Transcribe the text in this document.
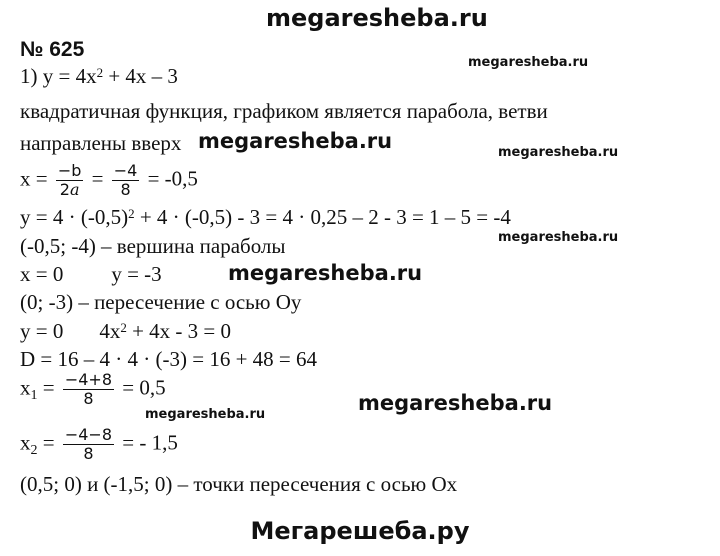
megaresheba.ru
№ 625
megaresheba.ru
1) $y = 4x^2 + 4x - 3$
квадратичная функция, графиком является парабола, ветви
направлены вверх megaresheba.ru	megaresheba.ru
$x = \frac{-b}{2a} = \frac{-4}{8} = -0,5$
$y = 4 \cdot (-0,5)^2 + 4 \cdot (-0,5) - 3 = 4 \cdot 0,25 - 2 - 3 = 1 - 5 = -4$
(-0,5; -4) – вершина параболы	megaresheba.ru
x = 0 y = -3	megaresheba.ru
(0; -3) – пересечение с осью Oy
y = 0 $4x^2 + 4x - 3 = 0$
D = 16 – 4 · 4 · (-3) = 16 + 48 = 64
$x_1 = \frac{-4+8}{8} = 0,5$
megaresheba.ru
megaresheba.ru
$x_2 = \frac{-4-8}{8}$ = - 1,5
(0,5; 0) и (-1,5; 0) – точки пересечения с осью Ox
Мегарешеба.ру
